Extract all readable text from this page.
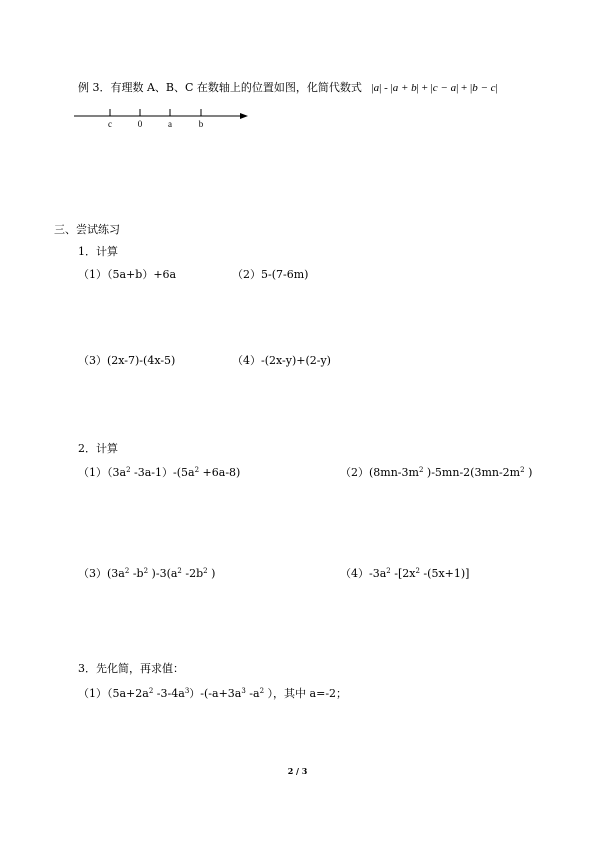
例 3．有理数 A、B、C 在数轴上的位置如图，化简代数式 |a| - |a + b| + |c − a| + |b − c|
c	0	a	b
三、尝试练习
1．计算
（1）（5a+b）+6a	（2）5-(7-6m)
（3）(2x-7)-(4x-5)	（4）-(2x-y)+(2-y)
2．计算
$(1)(3a^2$ $-3a-1)-(5a^2 +6a-8)$	$(2)(8mn-3m^2$ )$-5mn-2(3mn-2m^2$ )
$(3)(3a^2$ $-b^2$ )$-3(a^2$ $-2b^2$ )	$(4)-3a^2$ $-[2x^2$ -(5x+1)]
3．先化简，再求值：
$(1)(5a+2a^2$ $-3-4a^3)-(-a+3a^3$ $-a^2$ ），其中 a=-2；
2 / 3
